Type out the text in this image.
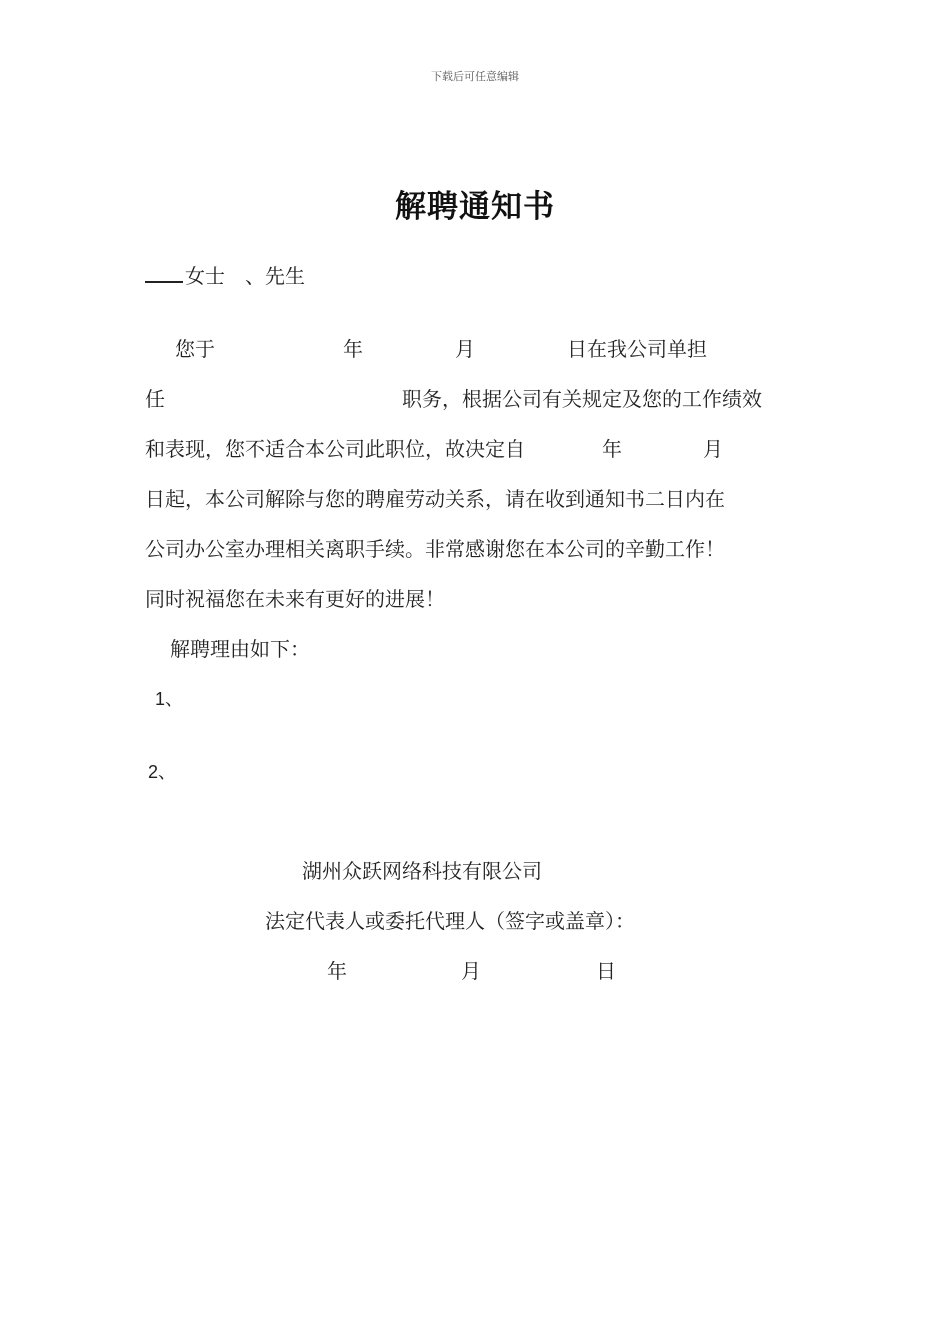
下载后可任意编辑
解聘通知书
女士 、先生
您于	年	月	日在我公司单担
任	职务，根据公司有关规定及您的工作绩效
和表现，您不适合本公司此职位，故决定自	年	月
日起，本公司解除与您的聘雇劳动关系，请在收到通知书二日内在
公司办公室办理相关离职手续。非常感谢您在本公司的辛勤工作！
同时祝福您在未来有更好的进展！
解聘理由如下：
1、
2、
湖州众跃网络科技有限公司
法定代表人或委托代理人（签字或盖章）：
年	月	日
